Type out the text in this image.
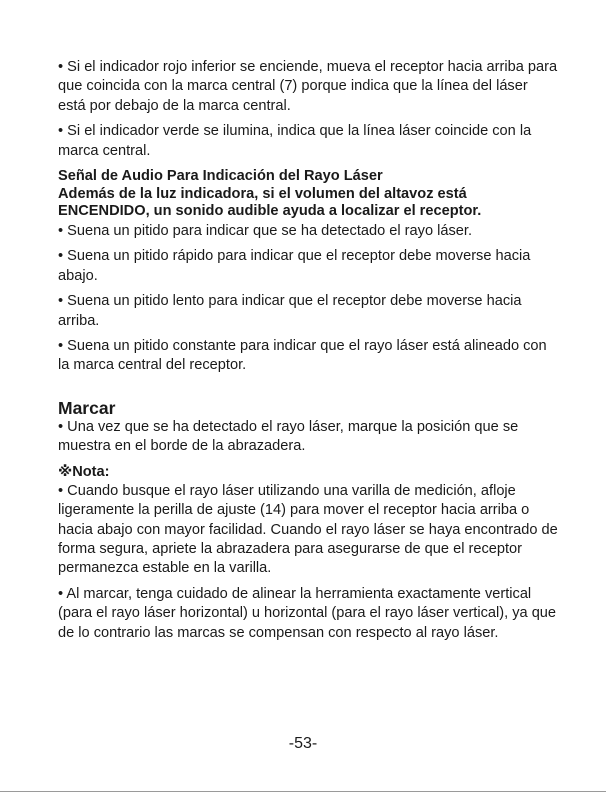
• Si el indicador rojo inferior se enciende, mueva el receptor hacia arriba para que coincida con la marca central (7) porque indica que la línea del láser está por debajo de la marca central.

• Si el indicador verde se ilumina, indica que la línea láser coincide con la marca central.

Señal de Audio Para Indicación del Rayo Láser

Además de la luz indicadora, si el volumen del altavoz está ENCENDIDO, un sonido audible ayuda a localizar el receptor.

• Suena un pitido para indicar que se ha detectado el rayo láser.

• Suena un pitido rápido para indicar que el receptor debe moverse hacia abajo.

• Suena un pitido lento para indicar que el receptor debe moverse hacia arriba.

• Suena un pitido constante para indicar que el rayo láser está alineado con la marca central del receptor.

Marcar

• Una vez que se ha detectado el rayo láser, marque la posición que se muestra en el borde de la abrazadera.

※Nota:

• Cuando busque el rayo láser utilizando una varilla de medición, afloje ligeramente la perilla de ajuste (14) para mover el receptor hacia arriba o hacia abajo con mayor facilidad. Cuando el rayo láser se haya encontrado de forma segura, apriete la abrazadera para asegurarse de que el receptor permanezca estable en la varilla.

• Al marcar, tenga cuidado de alinear la herramienta exactamente vertical (para el rayo láser horizontal) u horizontal (para el rayo láser vertical), ya que de lo contrario las marcas se compensan con respecto al rayo láser.

-53-
